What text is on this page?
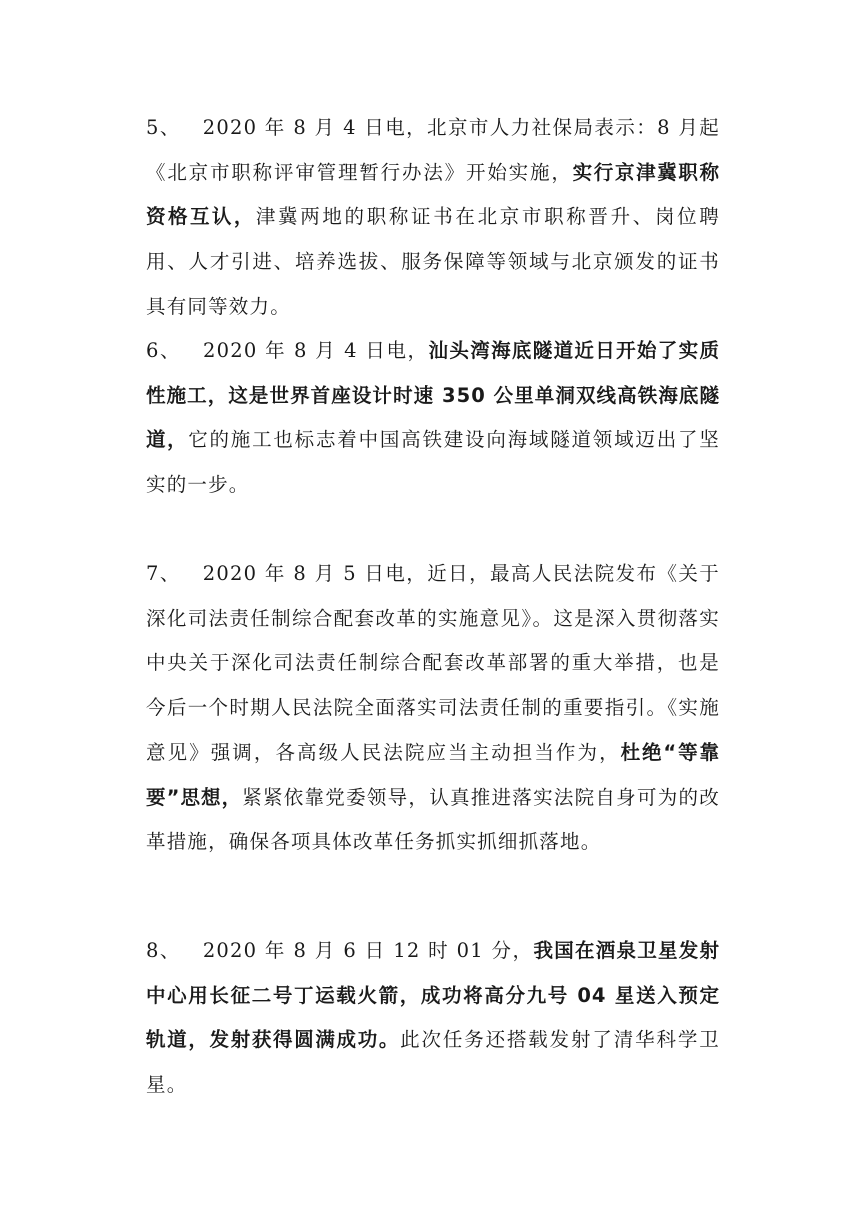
5、 2020 年 8 月 4 日电，北京市人力社保局表示：8 月起《北京市职称评审管理暂行办法》开始实施，实行京津冀职称资格互认，津冀两地的职称证书在北京市职称晋升、岗位聘用、人才引进、培养选拔、服务保障等领域与北京颁发的证书具有同等效力。

6、 2020 年 8 月 4 日电，汕头湾海底隧道近日开始了实质性施工，这是世界首座设计时速 350 公里单洞双线高铁海底隧道，它的施工也标志着中国高铁建设向海域隧道领域迈出了坚实的一步。

7、 2020 年 8 月 5 日电，近日，最高人民法院发布《关于深化司法责任制综合配套改革的实施意见》。这是深入贯彻落实中央关于深化司法责任制综合配套改革部署的重大举措，也是今后一个时期人民法院全面落实司法责任制的重要指引。《实施意见》强调，各高级人民法院应当主动担当作为，杜绝“等靠要”思想，紧紧依靠党委领导，认真推进落实法院自身可为的改革措施，确保各项具体改革任务抓实抓细抓落地。

8、 2020 年 8 月 6 日 12 时 01 分，我国在酒泉卫星发射中心用长征二号丁运载火箭，成功将高分九号 04 星送入预定轨道，发射获得圆满成功。此次任务还搭载发射了清华科学卫星。
